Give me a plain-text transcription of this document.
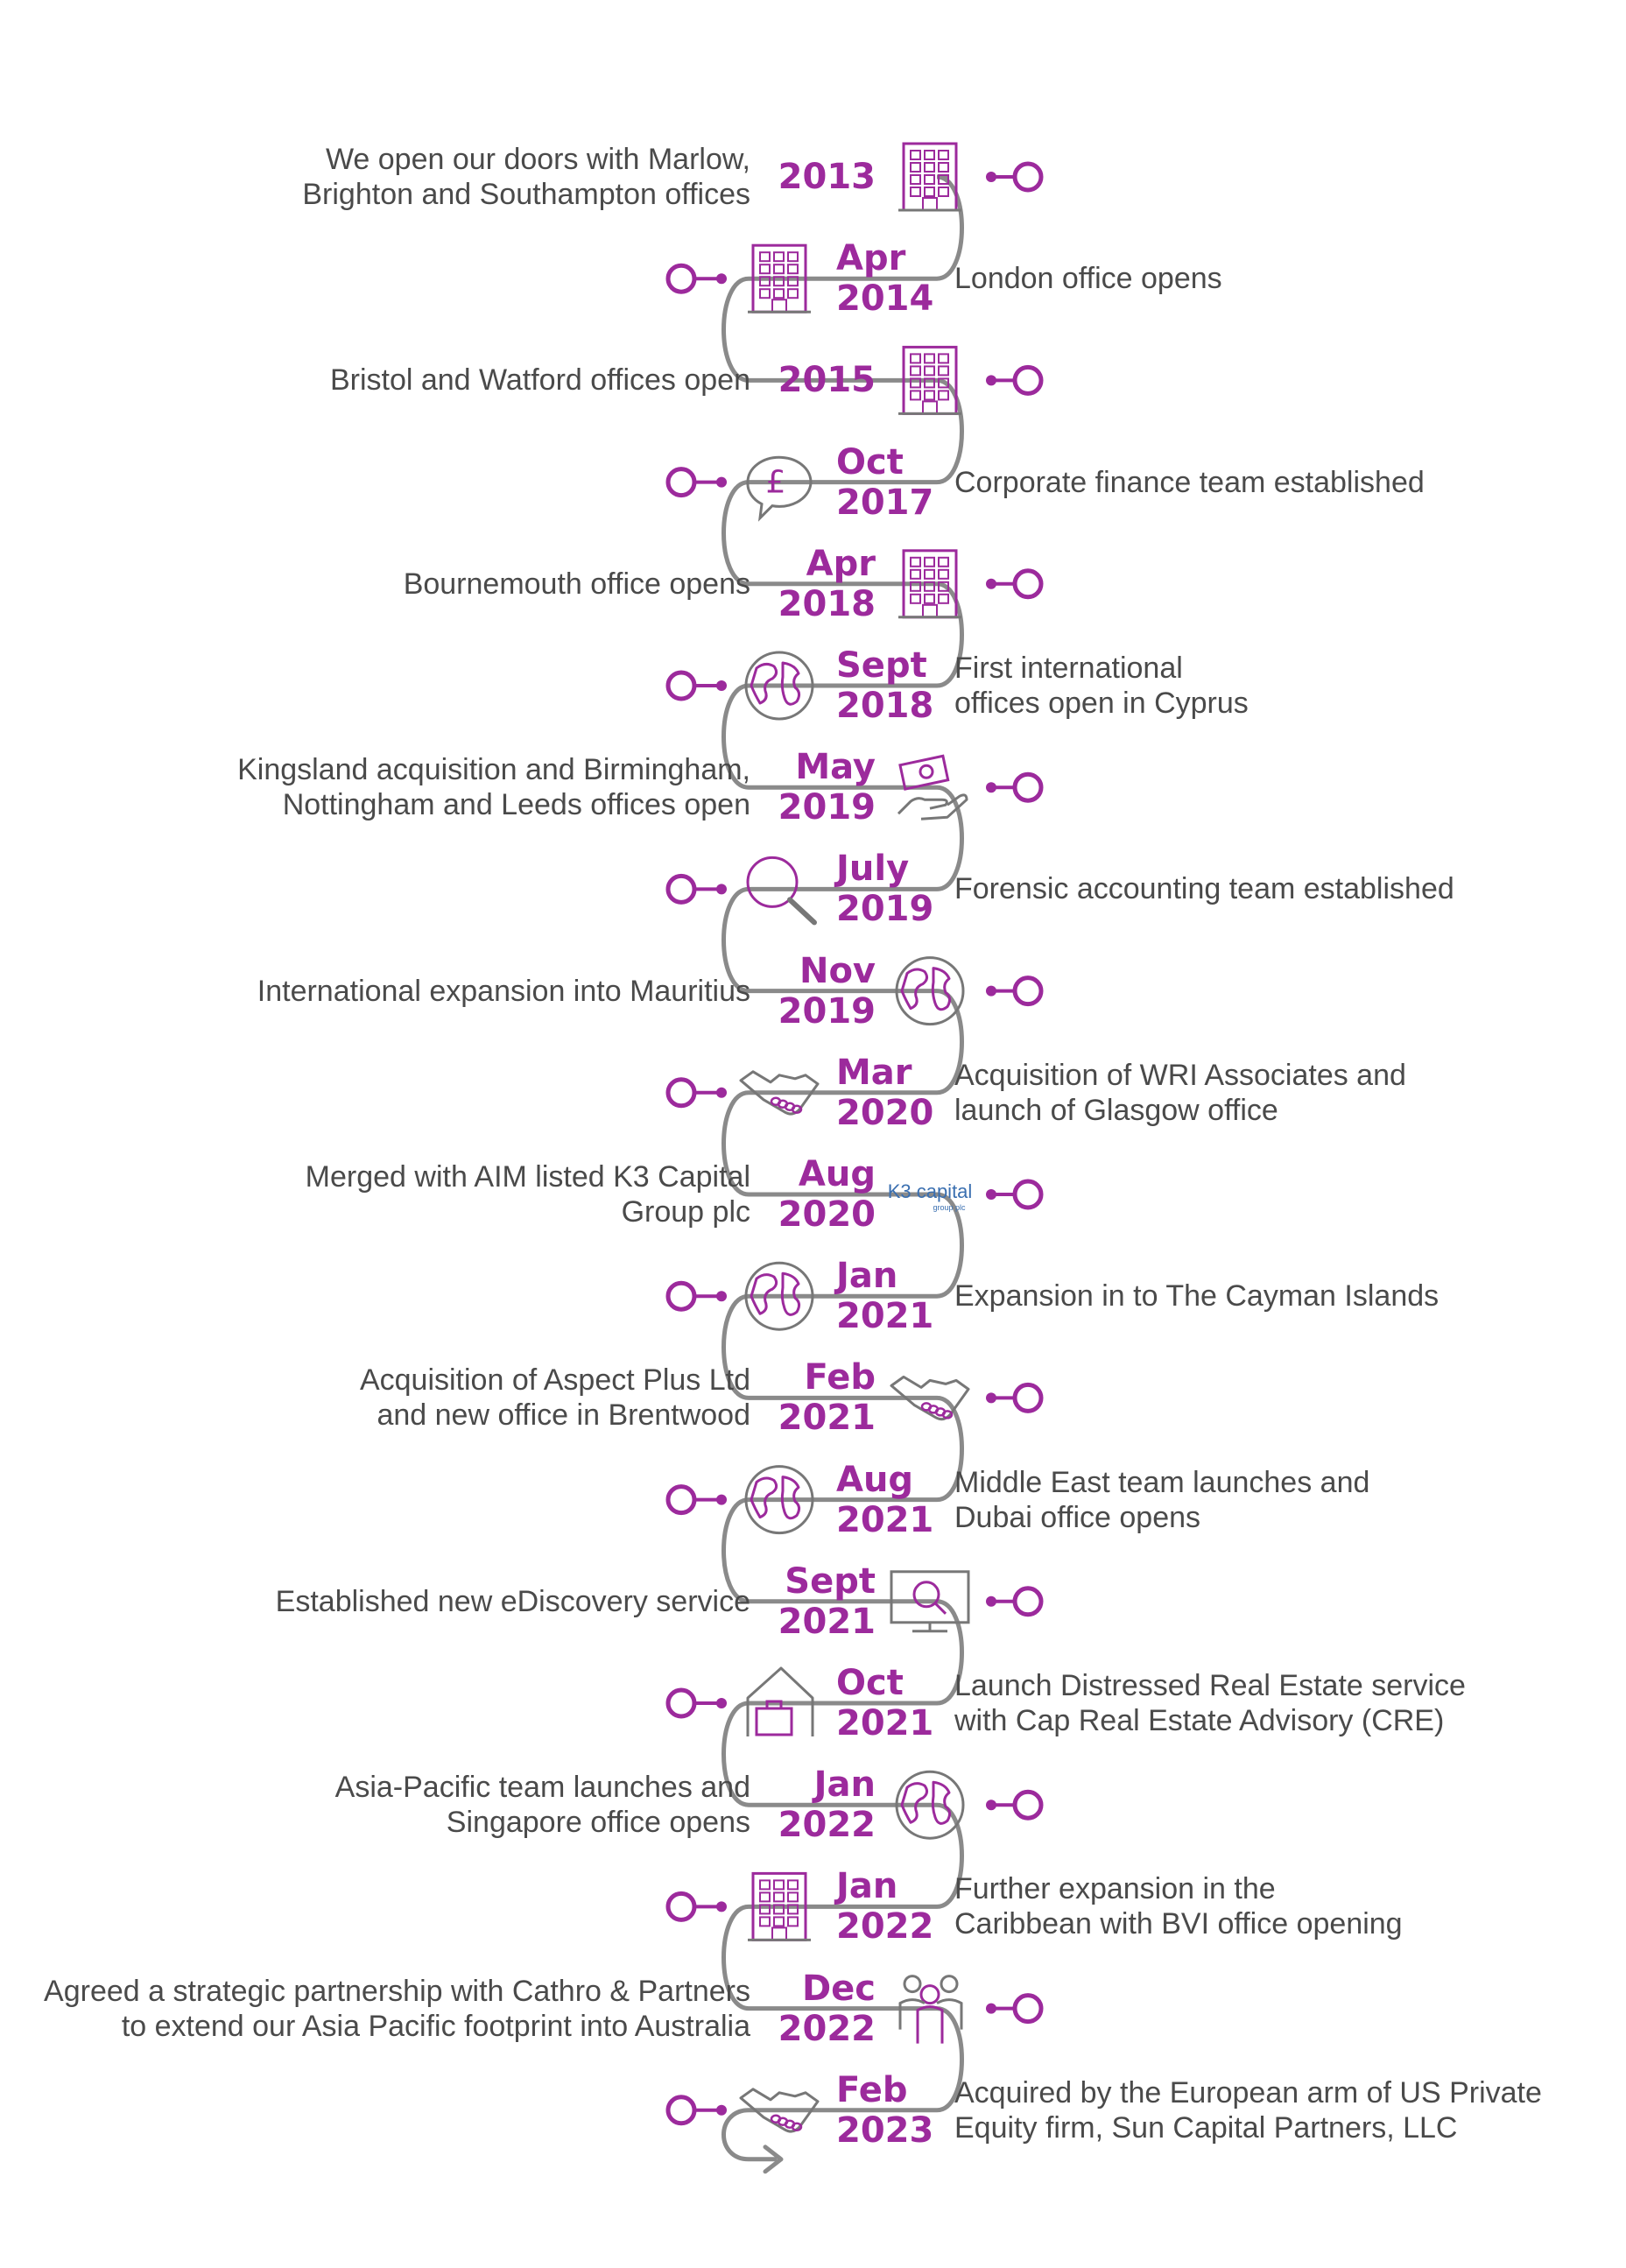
£
K3 capital
group plc
2013
We open our doors with Marlow,
Brighton and Southampton offices
Apr
2014 London office opens
2015
Bristol and Watford offices open
Oct
2017 Corporate finance team established
Apr
2018
Bournemouth office opens
Sept
2018
First international
offices open in Cyprus
May
2019
Kingsland acquisition and Birmingham,
Nottingham and Leeds offices open
July
2019 Forensic accounting team established
Nov
2019
International expansion into Mauritius
Mar
2020
Acquisition of WRI Associates and
launch of Glasgow office
Aug
2020
Merged with AIM listed K3 Capital
Group plc
Jan
2021 Expansion in to The Cayman Islands
Feb
2021
Acquisition of Aspect Plus Ltd
and new office in Brentwood
Aug
2021
Middle East team launches and
Dubai office opens
Sept
2021
Established new eDiscovery service
Oct
2021
Launch Distressed Real Estate service
with Cap Real Estate Advisory (CRE)
Jan
2022
Asia-Pacific team launches and
Singapore office opens
Jan
2022
Further expansion in the
Caribbean with BVI office opening
Dec
2022
Agreed a strategic partnership with Cathro & Partners
to extend our Asia Pacific footprint into Australia
Feb
2023
Acquired by the European arm of US Private
Equity firm, Sun Capital Partners, LLC
